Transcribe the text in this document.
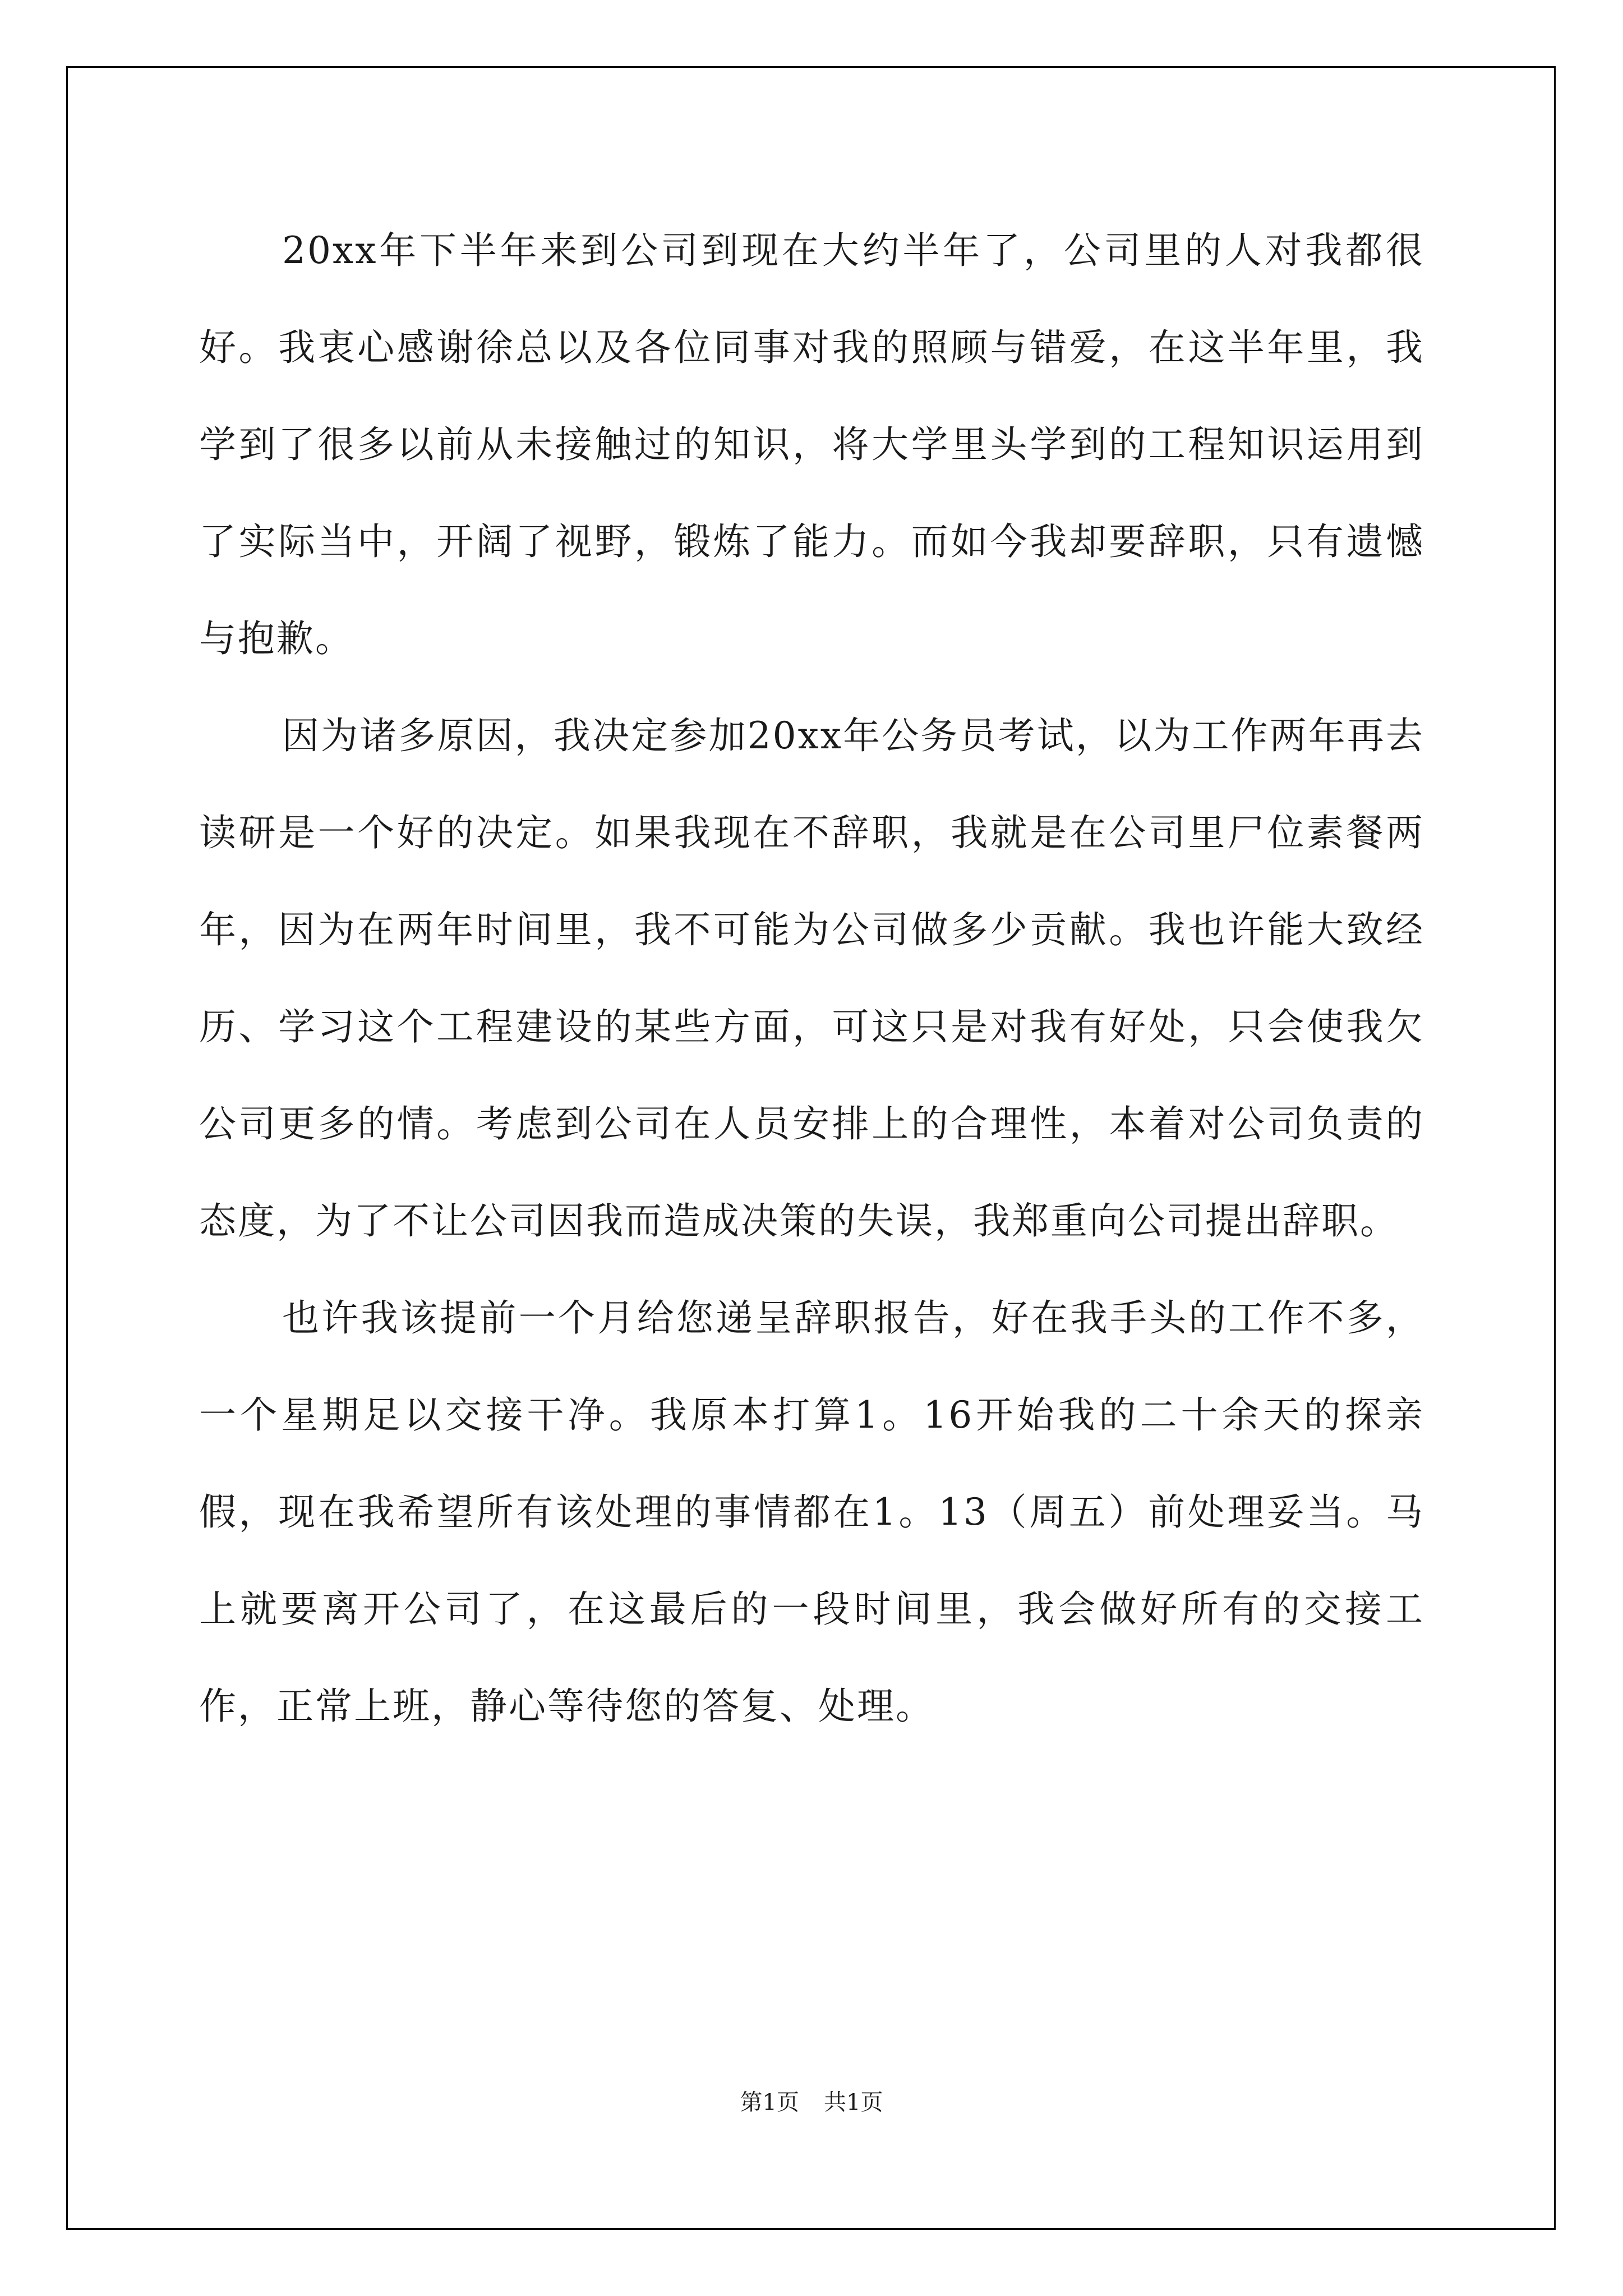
20xx年下半年来到公司到现在大约半年了，公司里的人对我都很好。我衷心感谢徐总以及各位同事对我的照顾与错爱，在这半年里，我学到了很多以前从未接触过的知识，将大学里头学到的工程知识运用到了实际当中，开阔了视野，锻炼了能力。而如今我却要辞职，只有遗憾与抱歉。

因为诸多原因，我决定参加20xx年公务员考试，以为工作两年再去读研是一个好的决定。如果我现在不辞职，我就是在公司里尸位素餐两年，因为在两年时间里，我不可能为公司做多少贡献。我也许能大致经历、学习这个工程建设的某些方面，可这只是对我有好处，只会使我欠公司更多的情。考虑到公司在人员安排上的合理性，本着对公司负责的态度，为了不让公司因我而造成决策的失误，我郑重向公司提出辞职。

也许我该提前一个月给您递呈辞职报告，好在我手头的工作不多，一个星期足以交接干净。我原本打算1。16开始我的二十余天的探亲假，现在我希望所有该处理的事情都在1。13（周五）前处理妥当。马上就要离开公司了，在这最后的一段时间里，我会做好所有的交接工作，正常上班，静心等待您的答复、处理。

第1页 共1页
